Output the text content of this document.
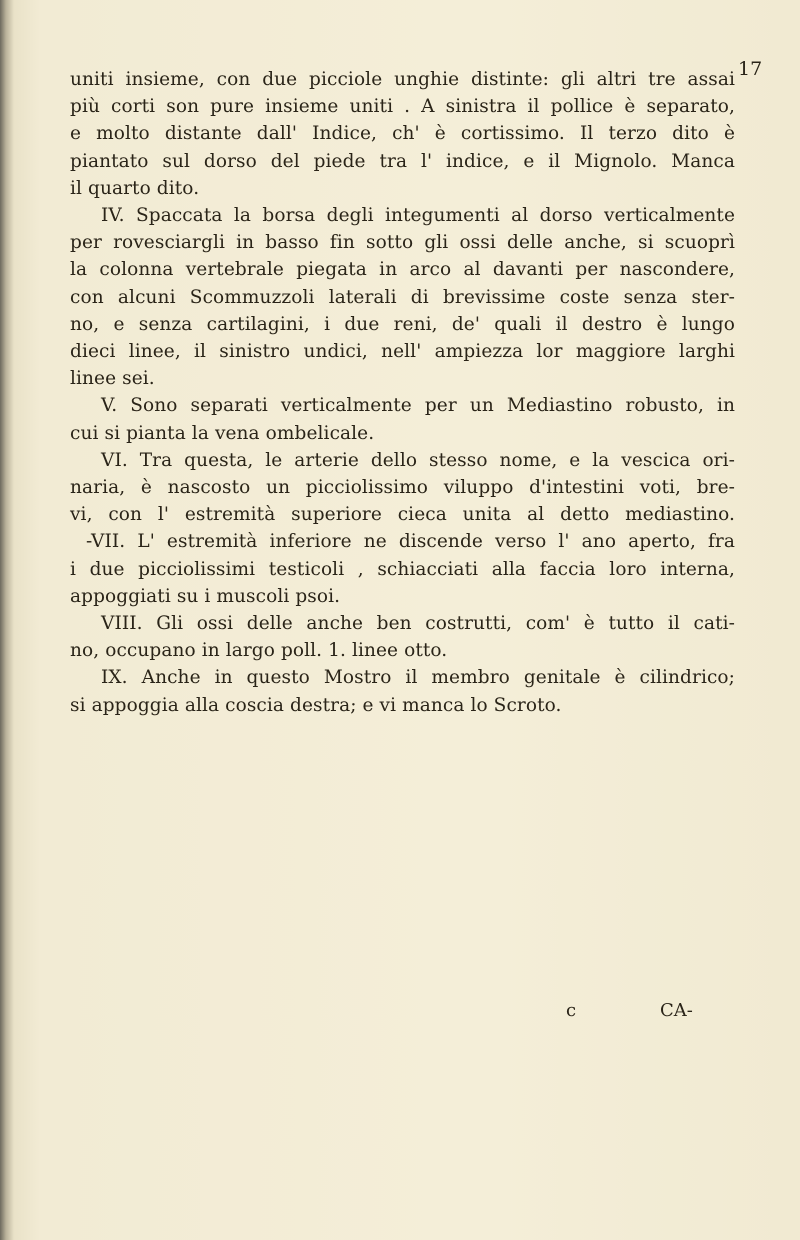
17
uniti insieme, con due picciole unghie distinte: gli altri tre assai
più corti son pure insieme uniti . A sinistra il pollice è separato,
e molto distante dall' Indice, ch' è cortissimo. Il terzo dito è
piantato sul dorso del piede tra l' indice, e il Mignolo. Manca
il quarto dito.
IV. Spaccata la borsa degli integumenti al dorso verticalmente
per rovesciargli in basso fin sotto gli ossi delle anche, si scuoprì
la colonna vertebrale piegata in arco al davanti per nascondere,
con alcuni Scommuzzoli laterali di brevissime coste senza ster-
no, e senza cartilagini, i due reni, de' quali il destro è lungo
dieci linee, il sinistro undici, nell' ampiezza lor maggiore larghi
linee sei.
V. Sono separati verticalmente per un Mediastino robusto, in
cui si pianta la vena ombelicale.
VI. Tra questa, le arterie dello stesso nome, e la vescica ori-
naria, è nascosto un picciolissimo viluppo d'intestini voti, bre-
vi, con l' estremità superiore cieca unita al detto mediastino.
-VII. L' estremità inferiore ne discende verso l' ano aperto, fra
i due picciolissimi testicoli , schiacciati alla faccia loro interna,
appoggiati su i muscoli psoi.
VIII. Gli ossi delle anche ben costrutti, com' è tutto il cati-
no, occupano in largo poll. 1. linee otto.
IX. Anche in questo Mostro il membro genitale è cilindrico;
si appoggia alla coscia destra; e vi manca lo Scroto.
c	CA-
